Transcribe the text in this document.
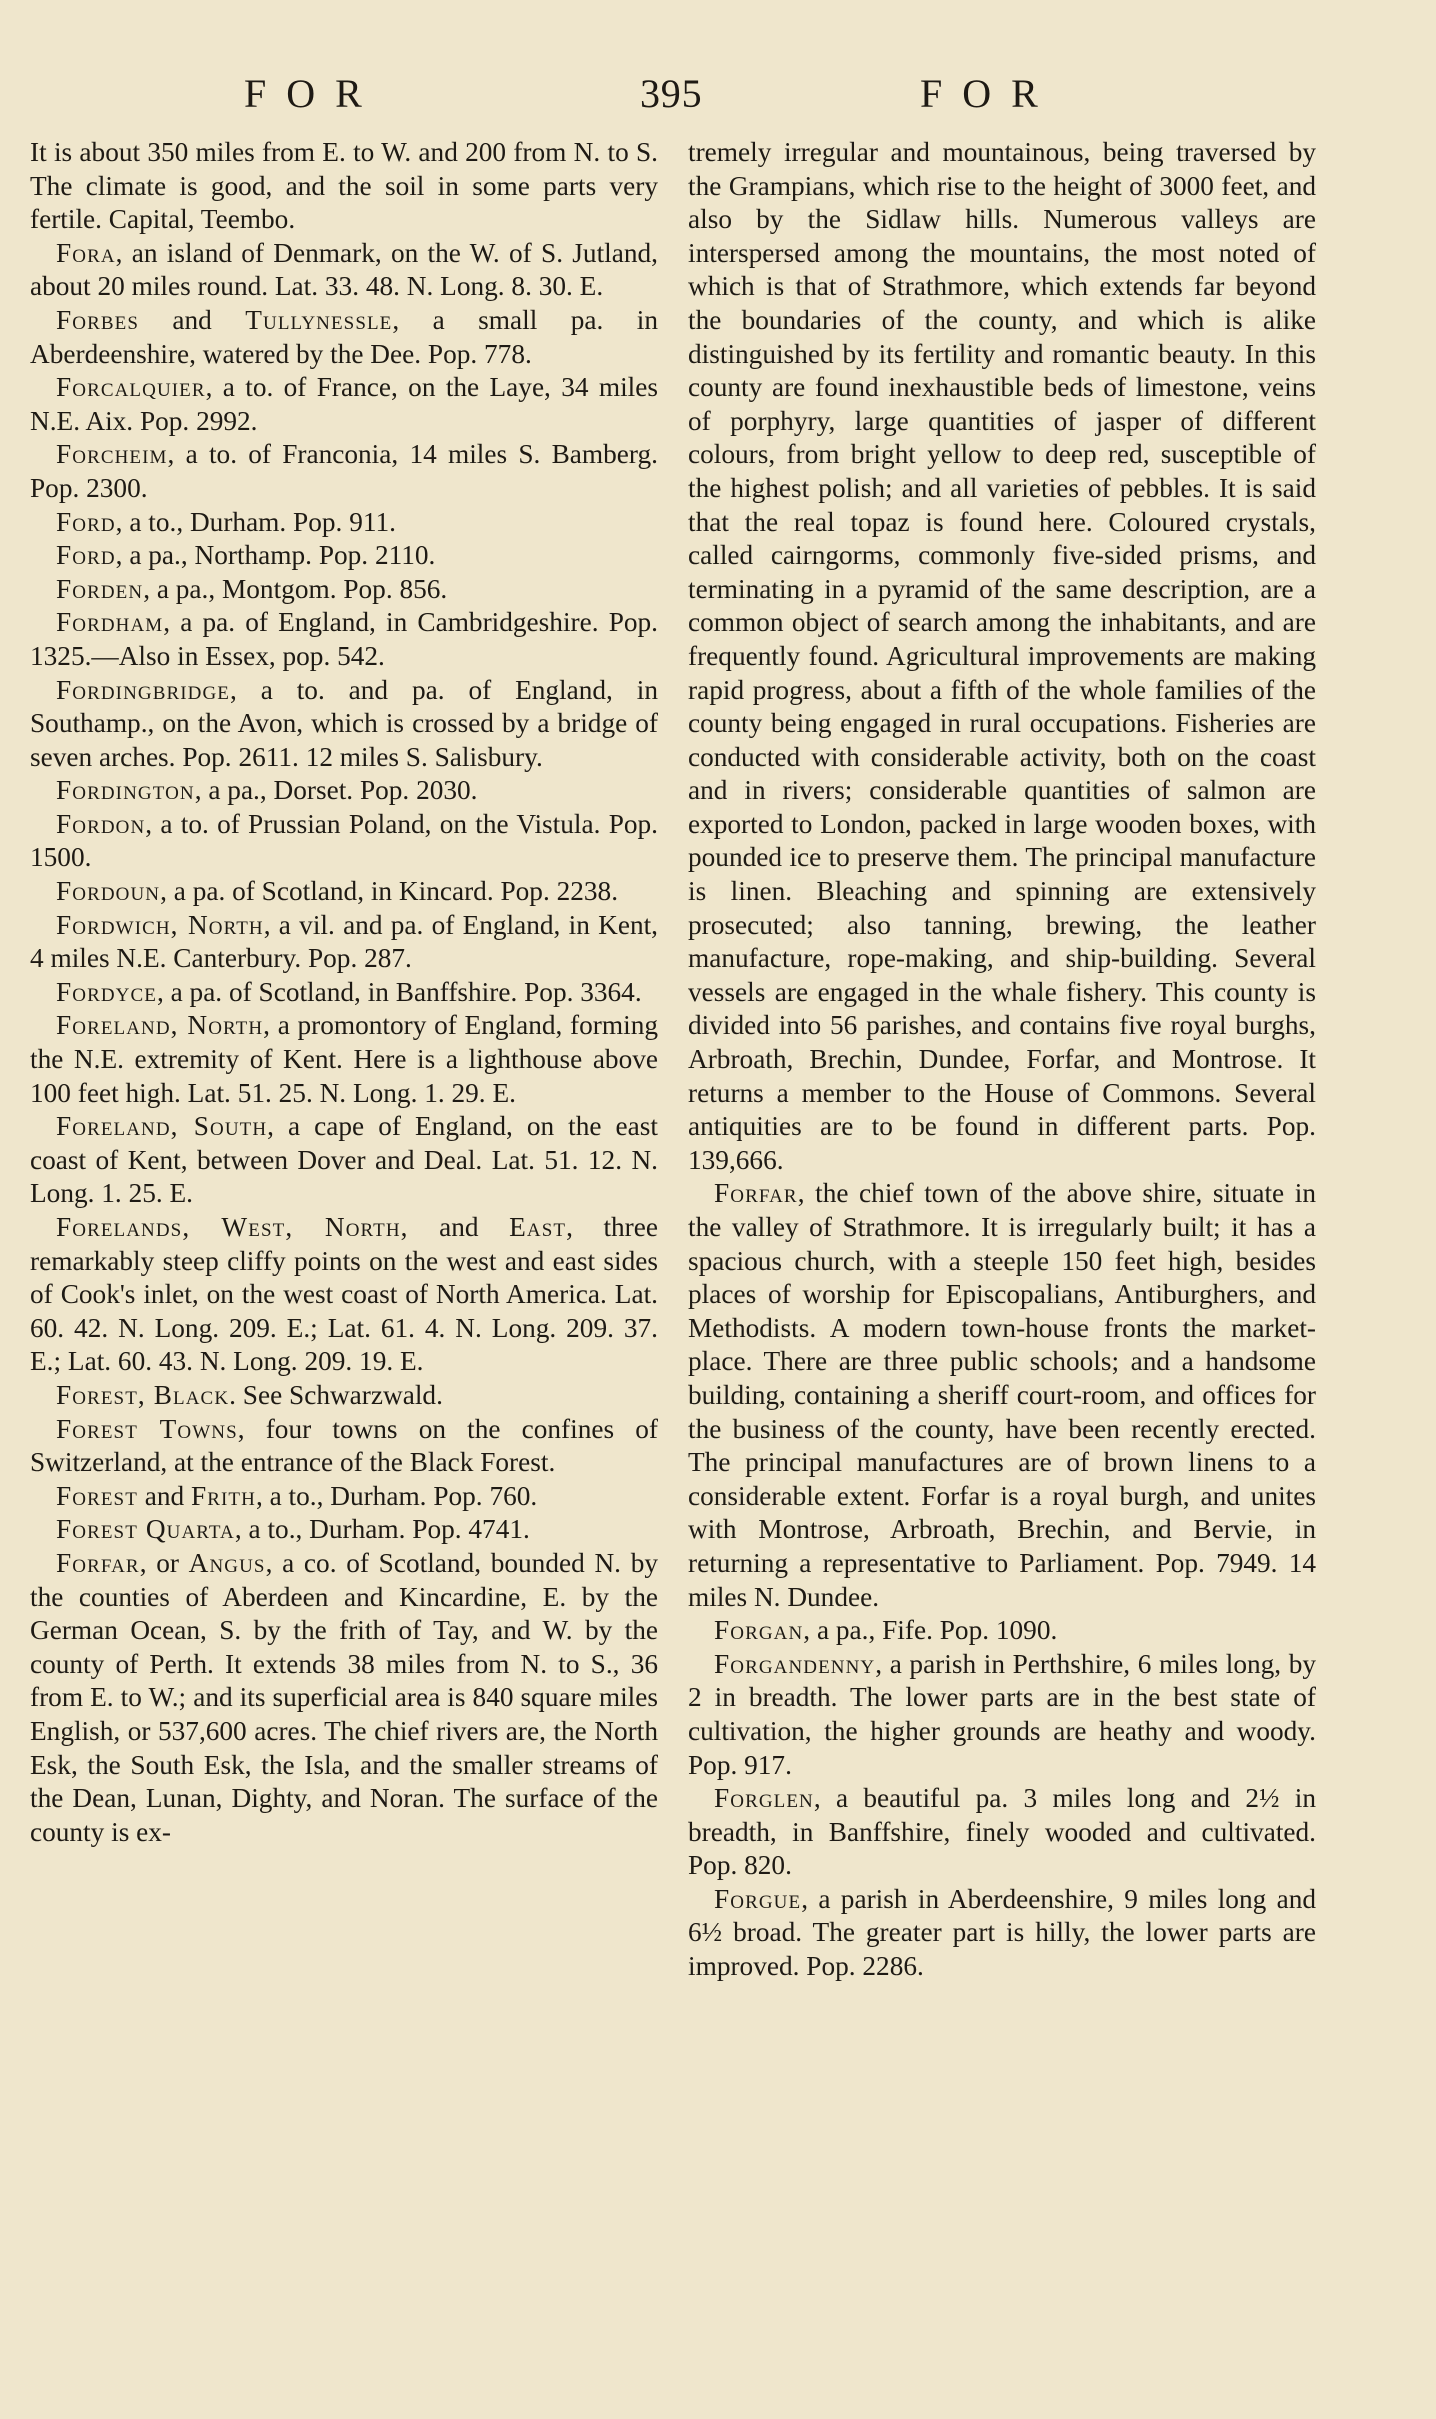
FOR	395	FOR

It is about 350 miles from E. to W. and 200 from N. to S. The climate is good, and the soil in some parts very fertile. Capital, Teembo.

Fora, an island of Denmark, on the W. of S. Jutland, about 20 miles round. Lat. 33. 48. N. Long. 8. 30. E.

Forbes and Tullynessle, a small pa. in Aberdeenshire, watered by the Dee. Pop. 778.

Forcalquier, a to. of France, on the Laye, 34 miles N.E. Aix. Pop. 2992.

Forcheim, a to. of Franconia, 14 miles S. Bamberg. Pop. 2300.

Ford, a to., Durham. Pop. 911.

Ford, a pa., Northamp. Pop. 2110.

Forden, a pa., Montgom. Pop. 856.

Fordham, a pa. of England, in Cambridgeshire. Pop. 1325.—Also in Essex, pop. 542.

Fordingbridge, a to. and pa. of England, in Southamp., on the Avon, which is crossed by a bridge of seven arches. Pop. 2611. 12 miles S. Salisbury.

Fordington, a pa., Dorset. Pop. 2030.

Fordon, a to. of Prussian Poland, on the Vistula. Pop. 1500.

Fordoun, a pa. of Scotland, in Kincard. Pop. 2238.

Fordwich, North, a vil. and pa. of England, in Kent, 4 miles N.E. Canterbury. Pop. 287.

Fordyce, a pa. of Scotland, in Banffshire. Pop. 3364.

Foreland, North, a promontory of England, forming the N.E. extremity of Kent. Here is a lighthouse above 100 feet high. Lat. 51. 25. N. Long. 1. 29. E.

Foreland, South, a cape of England, on the east coast of Kent, between Dover and Deal. Lat. 51. 12. N. Long. 1. 25. E.

Forelands, West, North, and East, three remarkably steep cliffy points on the west and east sides of Cook's inlet, on the west coast of North America. Lat. 60. 42. N. Long. 209. E.; Lat. 61. 4. N. Long. 209. 37. E.; Lat. 60. 43. N. Long. 209. 19. E.

Forest, Black. See Schwarzwald.

Forest Towns, four towns on the confines of Switzerland, at the entrance of the Black Forest.

Forest and Frith, a to., Durham. Pop. 760.

Forest Quarta, a to., Durham. Pop. 4741.

Forfar, or Angus, a co. of Scotland, bounded N. by the counties of Aberdeen and Kincardine, E. by the German Ocean, S. by the frith of Tay, and W. by the county of Perth. It extends 38 miles from N. to S., 36 from E. to W.; and its superficial area is 840 square miles English, or 537,600 acres. The chief rivers are, the North Esk, the South Esk, the Isla, and the smaller streams of the Dean, Lunan, Dighty, and Noran. The surface of the county is ex-

tremely irregular and mountainous, being traversed by the Grampians, which rise to the height of 3000 feet, and also by the Sidlaw hills. Numerous valleys are interspersed among the mountains, the most noted of which is that of Strathmore, which extends far beyond the boundaries of the county, and which is alike distinguished by its fertility and romantic beauty. In this county are found inexhaustible beds of limestone, veins of porphyry, large quantities of jasper of different colours, from bright yellow to deep red, susceptible of the highest polish; and all varieties of pebbles. It is said that the real topaz is found here. Coloured crystals, called cairngorms, commonly five-sided prisms, and terminating in a pyramid of the same description, are a common object of search among the inhabitants, and are frequently found. Agricultural improvements are making rapid progress, about a fifth of the whole families of the county being engaged in rural occupations. Fisheries are conducted with considerable activity, both on the coast and in rivers; considerable quantities of salmon are exported to London, packed in large wooden boxes, with pounded ice to preserve them. The principal manufacture is linen. Bleaching and spinning are extensively prosecuted; also tanning, brewing, the leather manufacture, rope-making, and ship-building. Several vessels are engaged in the whale fishery. This county is divided into 56 parishes, and contains five royal burghs, Arbroath, Brechin, Dundee, Forfar, and Montrose. It returns a member to the House of Commons. Several antiquities are to be found in different parts. Pop. 139,666.

Forfar, the chief town of the above shire, situate in the valley of Strathmore. It is irregularly built; it has a spacious church, with a steeple 150 feet high, besides places of worship for Episcopalians, Antiburghers, and Methodists. A modern town-house fronts the market-place. There are three public schools; and a handsome building, containing a sheriff court-room, and offices for the business of the county, have been recently erected. The principal manufactures are of brown linens to a considerable extent. Forfar is a royal burgh, and unites with Montrose, Arbroath, Brechin, and Bervie, in returning a representative to Parliament. Pop. 7949. 14 miles N. Dundee.

Forgan, a pa., Fife. Pop. 1090.

Forgandenny, a parish in Perthshire, 6 miles long, by 2 in breadth. The lower parts are in the best state of cultivation, the higher grounds are heathy and woody. Pop. 917.

Forglen, a beautiful pa. 3 miles long and 2½ in breadth, in Banffshire, finely wooded and cultivated. Pop. 820.

Forgue, a parish in Aberdeenshire, 9 miles long and 6½ broad. The greater part is hilly, the lower parts are improved. Pop. 2286.
